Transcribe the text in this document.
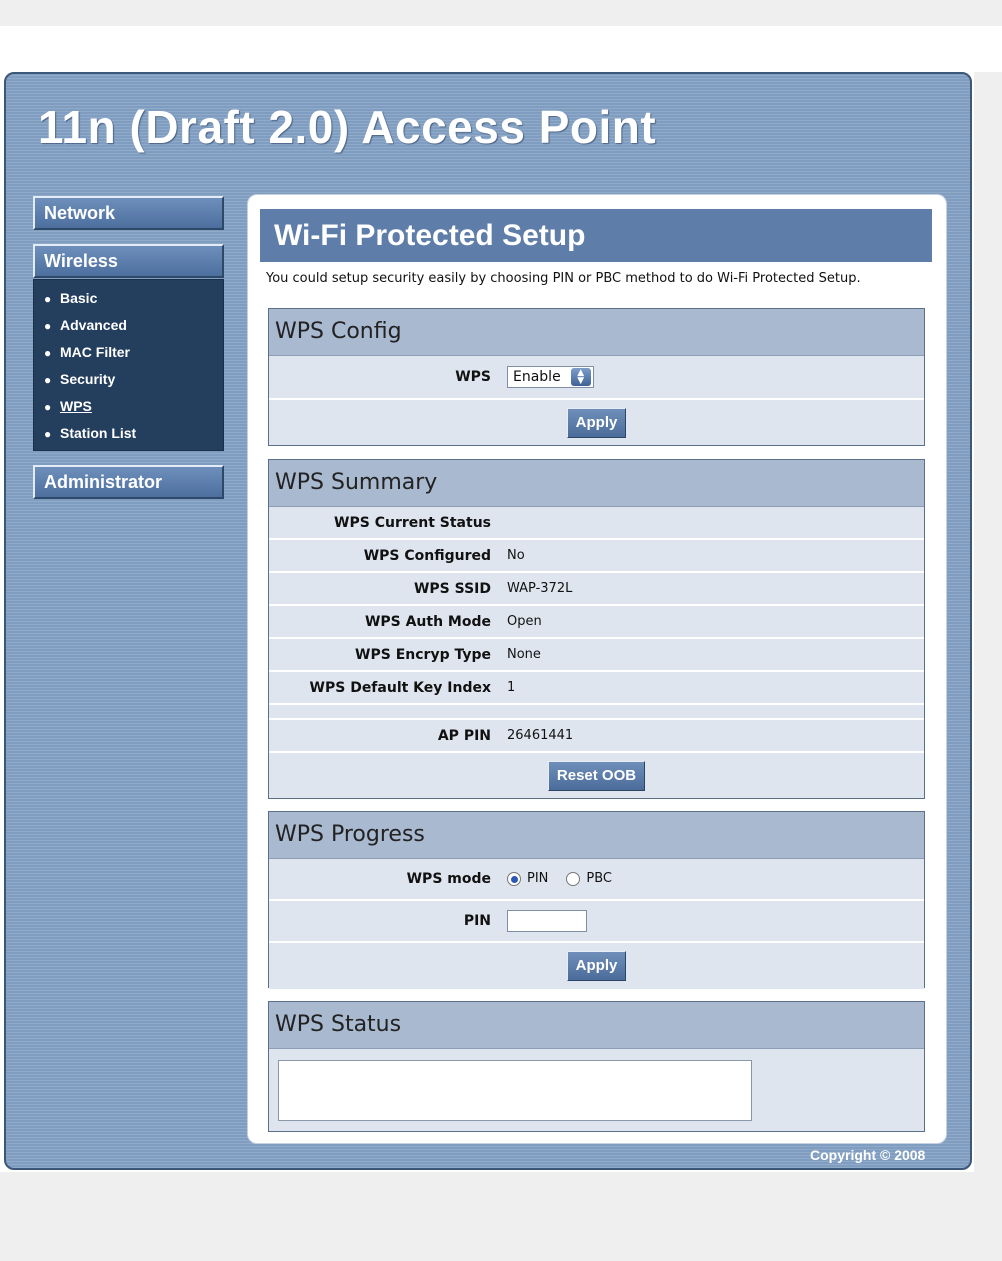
11n (Draft 2.0) Access Point
Network
Wireless
● Basic
● Advanced
● MAC Filter
● Security
● WPS
● Station List
Administrator
Wi-Fi Protected Setup
You could setup security easily by choosing PIN or PBC method to do Wi-Fi Protected Setup.
WPS Config
WPS	Enable	▲
▼
Apply
WPS Summary
WPS Current Status
WPS Configured	No
WPS SSID	WAP-372L
WPS Auth Mode	Open
WPS Encryp Type	None
WPS Default Key Index	1
AP PIN	26461441
Reset OOB
WPS Progress
WPS mode	PIN	PBC
PIN
Apply
WPS Status
Copyright © 2008
